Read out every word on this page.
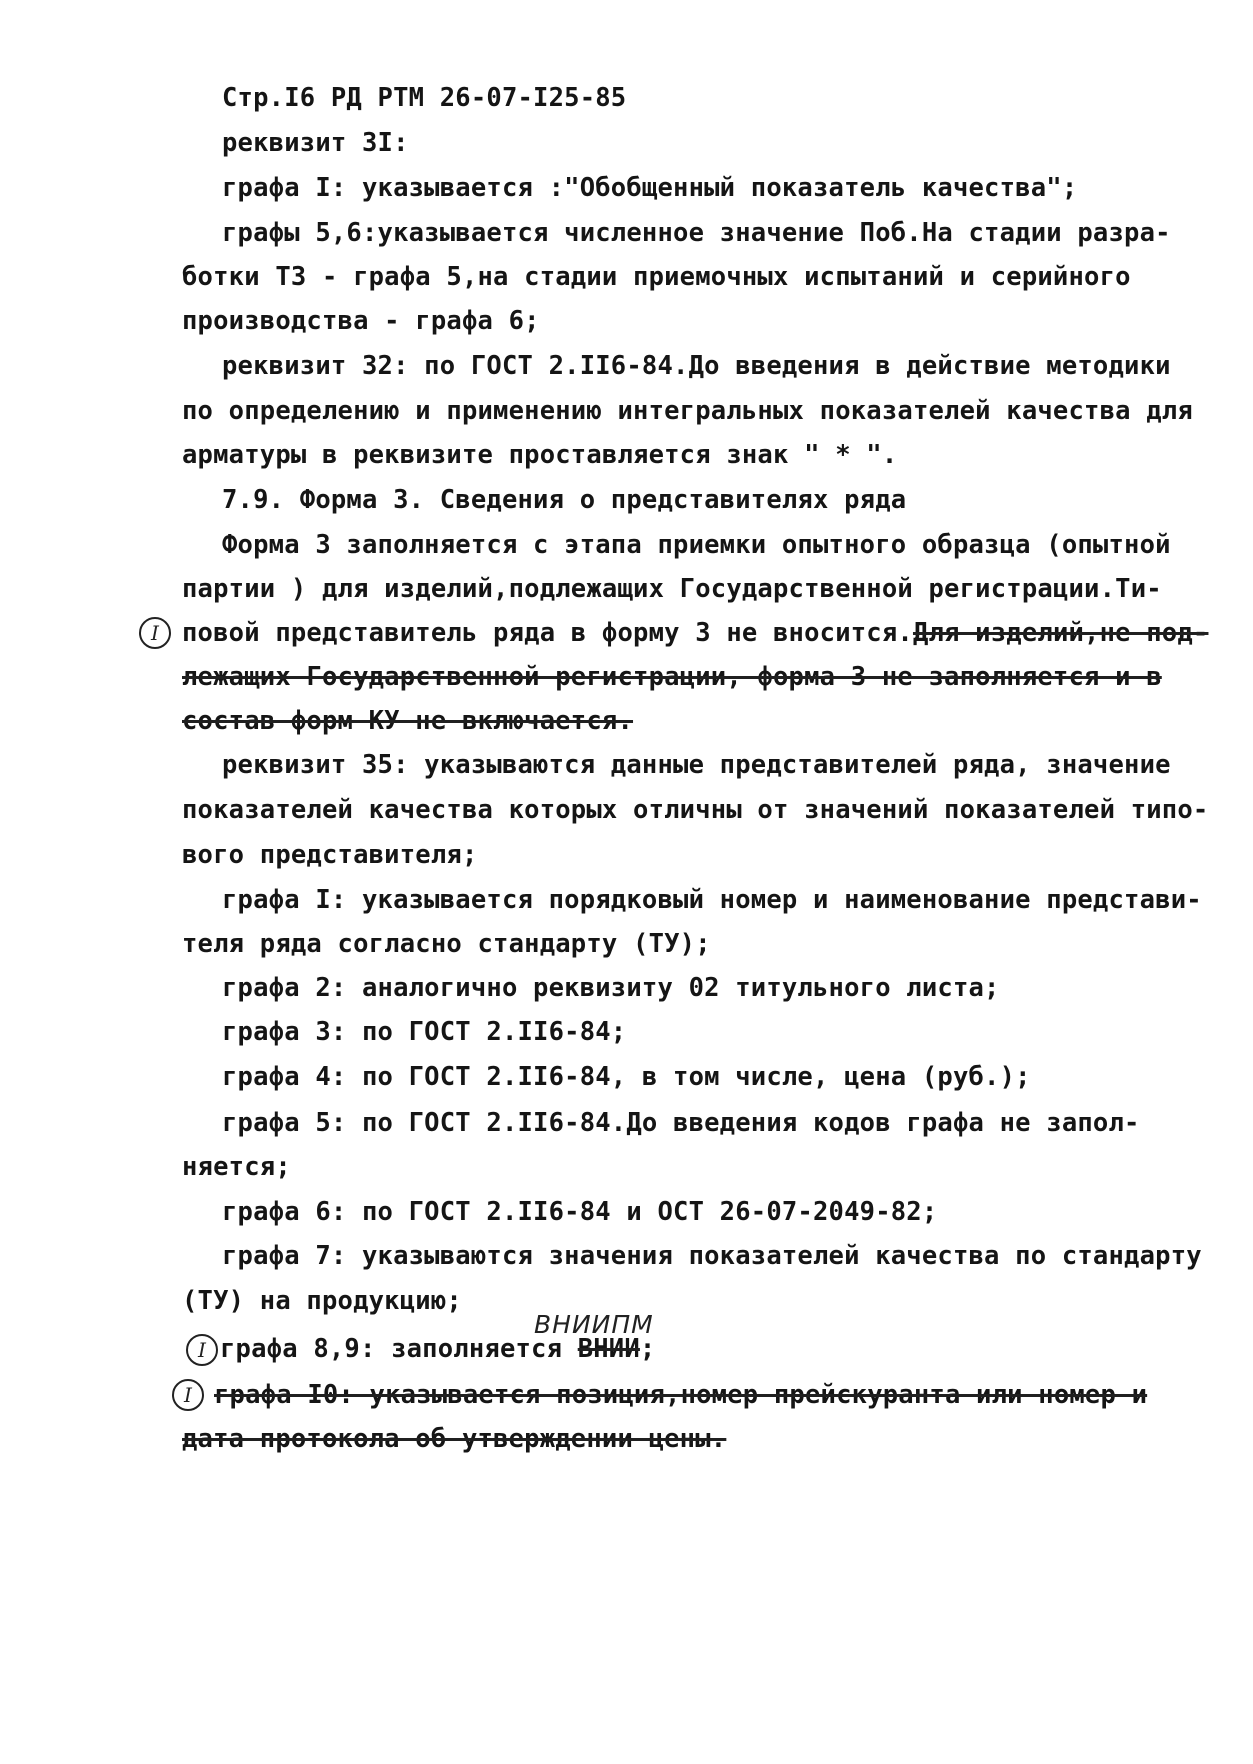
Стр.I6 РД РТМ 26-07-I25-85
реквизит 3I:
графа I: указывается :"Обобщенный показатель качества";
графы 5,6:указывается численное значение Поб.На стадии разра-
ботки ТЗ - графа 5,на стадии приемочных испытаний и серийного
производства - графа 6;
реквизит 32: по ГОСТ 2.II6-84.До введения в действие методики
по определению и применению интегральных показателей качества для
арматуры в реквизите проставляется знак " * ".
7.9. Форма 3. Сведения о представителях ряда
Форма 3 заполняется с этапа приемки опытного образца (опытной
партии ) для изделий,подлежащих Государственной регистрации.Ти-
I повой представитель ряда в форму 3 не вносится.Для изделий,не под-
лежащих Государственной регистрации, форма 3 не заполняется и в
состав форм КУ не включается.
реквизит 35: указываются данные представителей ряда, значение
показателей качества которых отличны от значений показателей типо-
вого представителя;
графа I: указывается порядковый номер и наименование представи-
теля ряда согласно стандарту (ТУ);
графа 2: аналогично реквизиту 02 титульного листа;
графа 3: по ГОСТ 2.II6-84;
графа 4: по ГОСТ 2.II6-84, в том числе, цена (руб.);
графа 5: по ГОСТ 2.II6-84.До введения кодов графа не запол-
няется;
графа 6: по ГОСТ 2.II6-84 и ОСТ 26-07-2049-82;
графа 7: указываются значения показателей качества по стандарту
(ТУ) на продукцию;
ВНИИПМ
I графа 8,9: заполняется ВНИИ;
I графа I0: указывается позиция,номер прейскуранта или номер и
дата протокола об утверждении цены.
